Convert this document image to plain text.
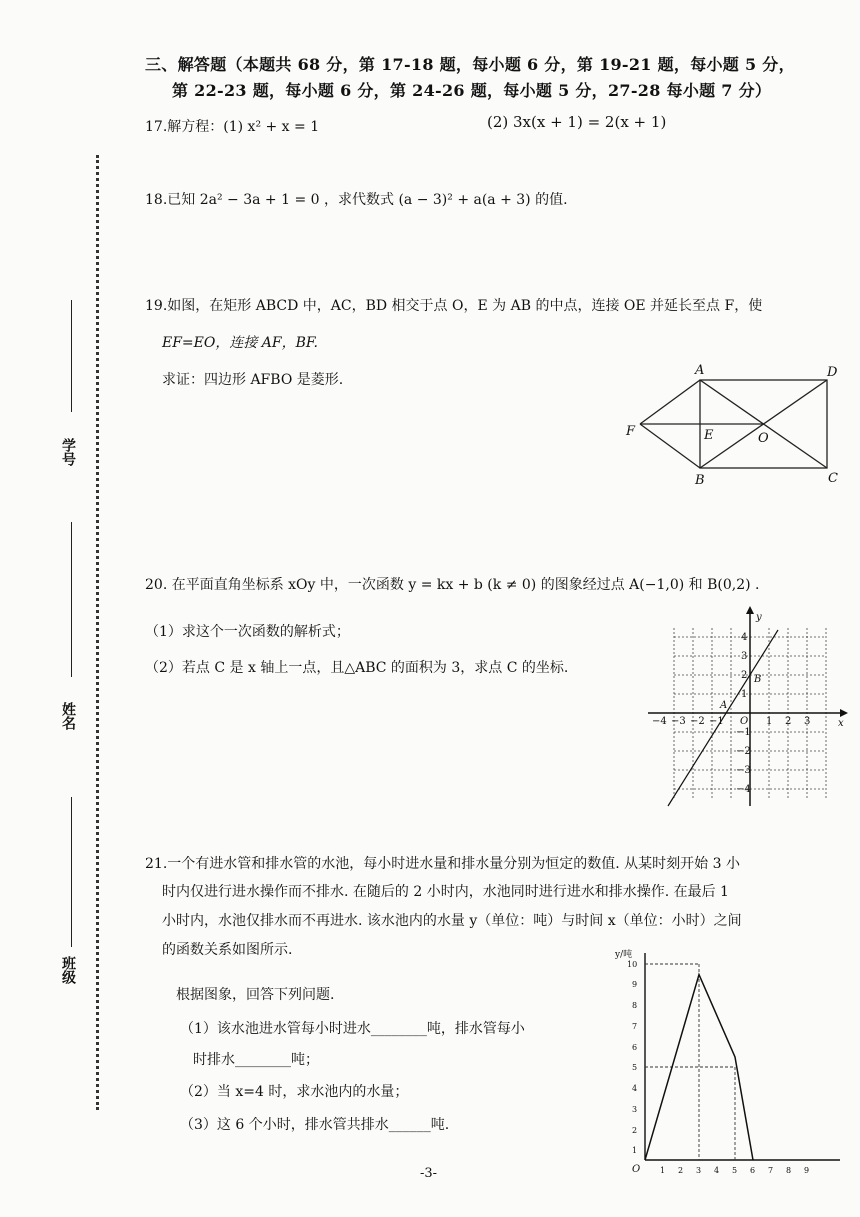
三、解答题（本题共 68 分，第 17-18 题，每小题 6 分，第 19-21 题，每小题 5 分，
第 22-23 题，每小题 6 分，第 24-26 题，每小题 5 分，27-28 每小题 7 分）
17.解方程：(1) x² + x = 1	(2) 3x(x + 1) = 2(x + 1)
18.已知 2a² − 3a + 1 = 0 ，求代数式 (a − 3)² + a(a + 3) 的值.
19.如图，在矩形 ABCD 中，AC，BD 相交于点 O，E 为 AB 的中点，连接 OE 并延长至点 F，使
EF=EO，连接 AF，BF.
求证：四边形 AFBO 是菱形.
A	D
F	E	O
B	C
20. 在平面直角坐标系 xOy 中，一次函数 y = kx + b (k ≠ 0) 的图象经过点 A(−1,0) 和 B(0,2) .
（1）求这个一次函数的解析式；
（2）若点 C 是 x 轴上一点，且△ABC 的面积为 3，求点 C 的坐标.
x
y
O
A
B
−4 −3 −2 −1	1 2 3
4
3
2
1
−1
−2
−3
−4
21.一个有进水管和排水管的水池，每小时进水量和排水量分别为恒定的数值. 从某时刻开始 3 小
时内仅进行进水操作而不排水. 在随后的 2 小时内，水池同时进行进水和排水操作. 在最后 1
小时内，水池仅排水而不再进水. 该水池内的水量 y（单位：吨）与时间 x（单位：小时）之间
的函数关系如图所示.
根据图象，回答下列问题.
（1）该水池进水管每小时进水________吨，排水管每小
时排水________吨；
（2）当 x=4 时，求水池内的水量；
（3）这 6 个小时，排水管共排水______吨.
10
9
8
7
6
5
4
3
2
1
1 2 3 4 5 6 7 8 9
y/吨
O
-3-
学号
姓名
班级
